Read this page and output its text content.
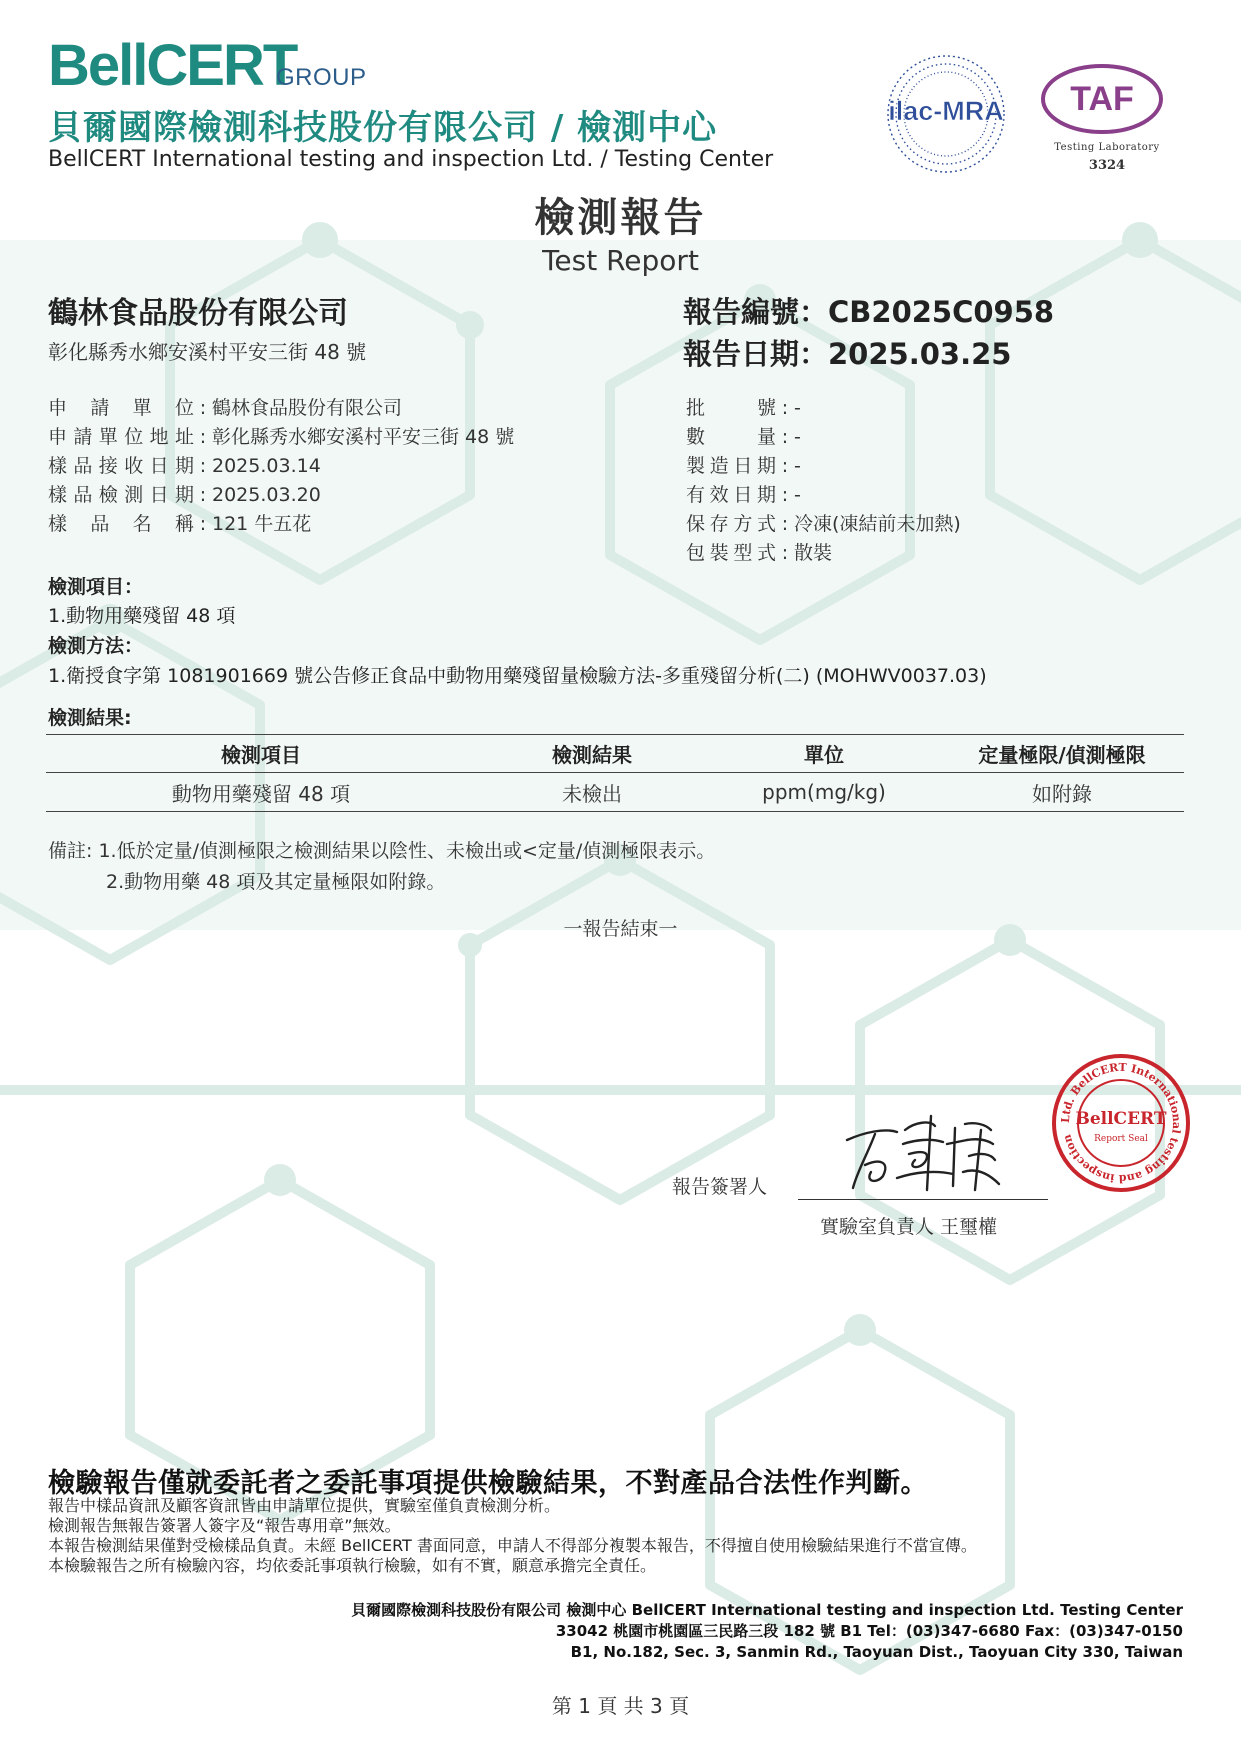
BellCERT
GROUP
貝爾國際檢測科技股份有限公司 / 檢測中心
BellCERT International testing and inspection Ltd. / Testing Center
ilac-MRA TAF
Testing Laboratory
3324
檢測報告
Test Report
鶴林食品股份有限公司
彰化縣秀水鄉安溪村平安三街 48 號
報告編號：CB2025C0958
報告日期：2025.03.25
申請單位 : 鶴林食品股份有限公司
申請單位地址 : 彰化縣秀水鄉安溪村平安三街 48 號
樣品接收日期 : 2025.03.14
樣品檢測日期 : 2025.03.20
樣品名稱 : 121 牛五花
批號 : -
數量 : -
製造日期 : -
有效日期 : -
保存方式 : 冷凍(凍結前未加熱)
包裝型式 : 散裝
檢測項目：
1.動物用藥殘留 48 項
檢測方法：
1.衛授食字第 1081901669 號公告修正食品中動物用藥殘留量檢驗方法-多重殘留分析(二) (MOHWV0037.03)
檢測結果:
檢測項目	檢測結果	單位	定量極限/偵測極限
動物用藥殘留 48 項	未檢出	ppm(mg/kg)	如附錄
備註: 1.低於定量/偵測極限之檢測結果以陰性、未檢出或<定量/偵測極限表示。
2.動物用藥 48 項及其定量極限如附錄。
一報告結束一
報告簽署人
實驗室負責人 王璽權
Ltd. BellCERT International testing and inspection
BellCERT
Report Seal
檢驗報告僅就委託者之委託事項提供檢驗結果，不對產品合法性作判斷。
報告中樣品資訊及顧客資訊皆由申請單位提供，實驗室僅負責檢測分析。
檢測報告無報告簽署人簽字及“報告專用章”無效。
本報告檢測結果僅對受檢樣品負責。未經 BellCERT 書面同意，申請人不得部分複製本報告，不得擅自使用檢驗結果進行不當宣傳。
本檢驗報告之所有檢驗內容，均依委託事項執行檢驗，如有不實，願意承擔完全責任。
貝爾國際檢測科技股份有限公司 檢測中心 BellCERT International testing and inspection Ltd. Testing Center
33042 桃園市桃園區三民路三段 182 號 B1 Tel：(03)347-6680 Fax：(03)347-0150
B1, No.182, Sec. 3, Sanmin Rd., Taoyuan Dist., Taoyuan City 330, Taiwan
第 1 頁 共 3 頁
